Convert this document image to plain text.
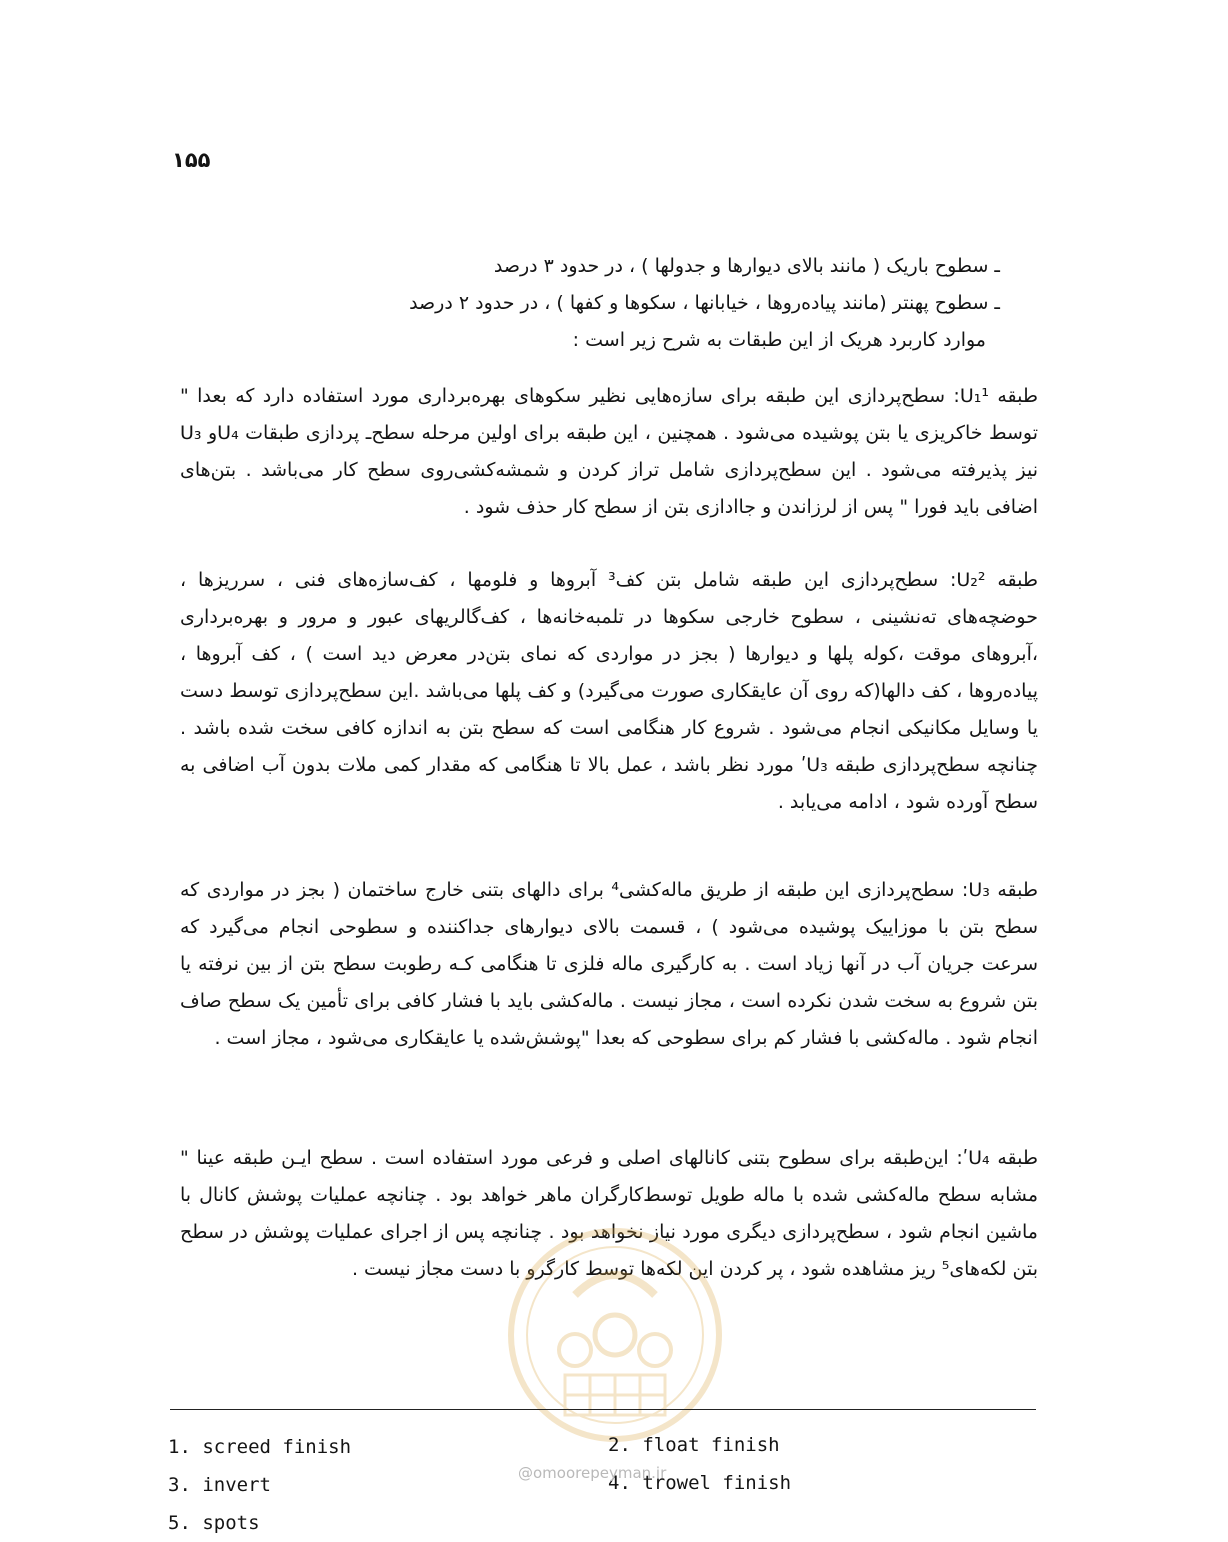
۱۵۵
ـ سطوح باریک ( مانند بالای دیوارها و جدولها ) ، در حدود ۳ درصد
ـ سطوح پهنتر (مانند پیاده‌روها ، خیابانها ، سکوها و کفها ) ، در حدود ۲ درصد
موارد کاربرد هریک از این طبقات به شرح زیر است :
طبقه U₁¹: سطح‌پردازی این طبقه برای سازه‌هایی نظیر سکوهای بهره‌برداری مورد استفاده دارد که بعدا " توسط خاکریزی یا بتن پوشیده می‌شود . همچنین ، این طبقه برای اولین مرحله سطح‌ـ پردازی طبقات U₄و U₃ نیز پذیرفته می‌شود . این سطح‌پردازی شامل تراز کردن و شمشه‌کشی‌روی سطح کار می‌باشد . بتن‌های اضافی باید فورا " پس از لرزاندن و جاادازی بتن از سطح کار حذف شود .
طبقه U₂²: سطح‌پردازی این طبقه شامل بتن کف³ آبروها و فلومها ، کف‌سازه‌های فنی ، سرریزها ، حوضچه‌های ته‌نشینی ، سطوح خارجی سکوها در تلمبه‌خانه‌ها ، کف‌گالریهای عبور و مرور و بهره‌برداری ،آبروهای موقت ،کوله پلها و دیوارها ( بجز در مواردی که نمای بتن‌در معرض دید است ) ، کف آبروها ، پیاده‌روها ، کف دالها(که روی آن عایقکاری صورت می‌گیرد) و کف پلها می‌باشد .این سطح‌پردازی توسط دست یا وسایل مکانیکی انجام می‌شود . شروع کار هنگامی است که سطح بتن به اندازه کافی سخت شده باشد . چنانچه سطح‌پردازی طبقه U₃ʹ مورد نظر باشد ، عمل بالا تا هنگامی که مقدار کمی ملات بدون آب اضافی به سطح آورده شود ، ادامه می‌یابد .
طبقه U₃: سطح‌پردازی این طبقه از طریق ماله‌کشی⁴ برای دالهای بتنی خارج ساختمان ( بجز در مواردی که سطح بتن با موزاییک پوشیده می‌شود ) ، قسمت بالای دیوارهای جداکننده و سطوحی انجام می‌گیرد که سرعت جریان آب در آنها زیاد است . به کارگیری ماله فلزی تا هنگامی کـه رطوبت سطح بتن از بین نرفته یا بتن شروع به سخت شدن نکرده است ، مجاز نیست . ماله‌کشی باید با فشار کافی برای تأمین یک سطح صاف انجام شود . ماله‌کشی با فشار کم برای سطوحی که بعدا "پوشش‌شده یا عایقکاری می‌شود ، مجاز است .
طبقه U₄ʹ: این‌طبقه برای سطوح بتنی کانالهای اصلی و فرعی مورد استفاده است . سطح ایـن طبقه عینا " مشابه سطح ماله‌کشی شده با ماله طویل توسط‌کارگران ماهر خواهد بود . چنانچه عملیات پوشش کانال با ماشین انجام شود ، سطح‌پردازی دیگری مورد نیاز نخواهد بود . چنانچه پس از اجرای عملیات پوشش در سطح بتن لکه‌های⁵ ریز مشاهده شود ، پر کردن این لکه‌ها توسط کارگرو با دست مجاز نیست .
1. screed finish	2. float finish
3. invert	4. trowel finish
5. spots
@omoorepeyman.ir
